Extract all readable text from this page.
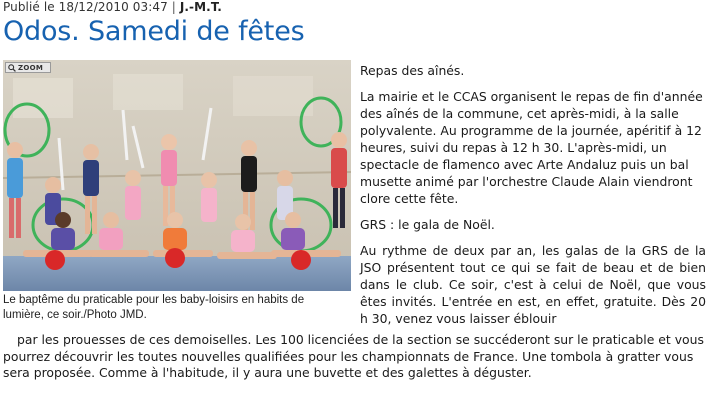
Publié le 18/12/2010 03:47 | J.-M.T.
Odos. Samedi de fêtes
ZOOM
Le baptême du praticable pour les baby-loisirs en habits de lumière, ce soir./Photo JMD.

Repas des aînés.

La mairie et le CCAS organisent le repas de fin d'année des aînés de la commune, cet après-midi, à la salle polyvalente. Au programme de la journée, apéritif à 12 heures, suivi du repas à 12 h 30. L'après-midi, un spectacle de flamenco avec Arte Andaluz puis un bal musette animé par l'orchestre Claude Alain viendront clore cette fête.

GRS : le gala de Noël.

Au rythme de deux par an, les galas de la GRS de la JSO présentent tout ce qui se fait de beau et de bien dans le club. Ce soir, c'est à celui de Noël, que vous êtes invités. L'entrée en est, en effet, gratuite. Dès 20 h 30, venez vous laisser éblouir

par les prouesses de ces demoiselles. Les 100 licenciées de la section se succéderont sur le praticable et vous pourrez découvrir les toutes nouvelles qualifiées pour les championnats de France. Une tombola à gratter vous sera proposée. Comme à l'habitude, il y aura une buvette et des galettes à déguster.
